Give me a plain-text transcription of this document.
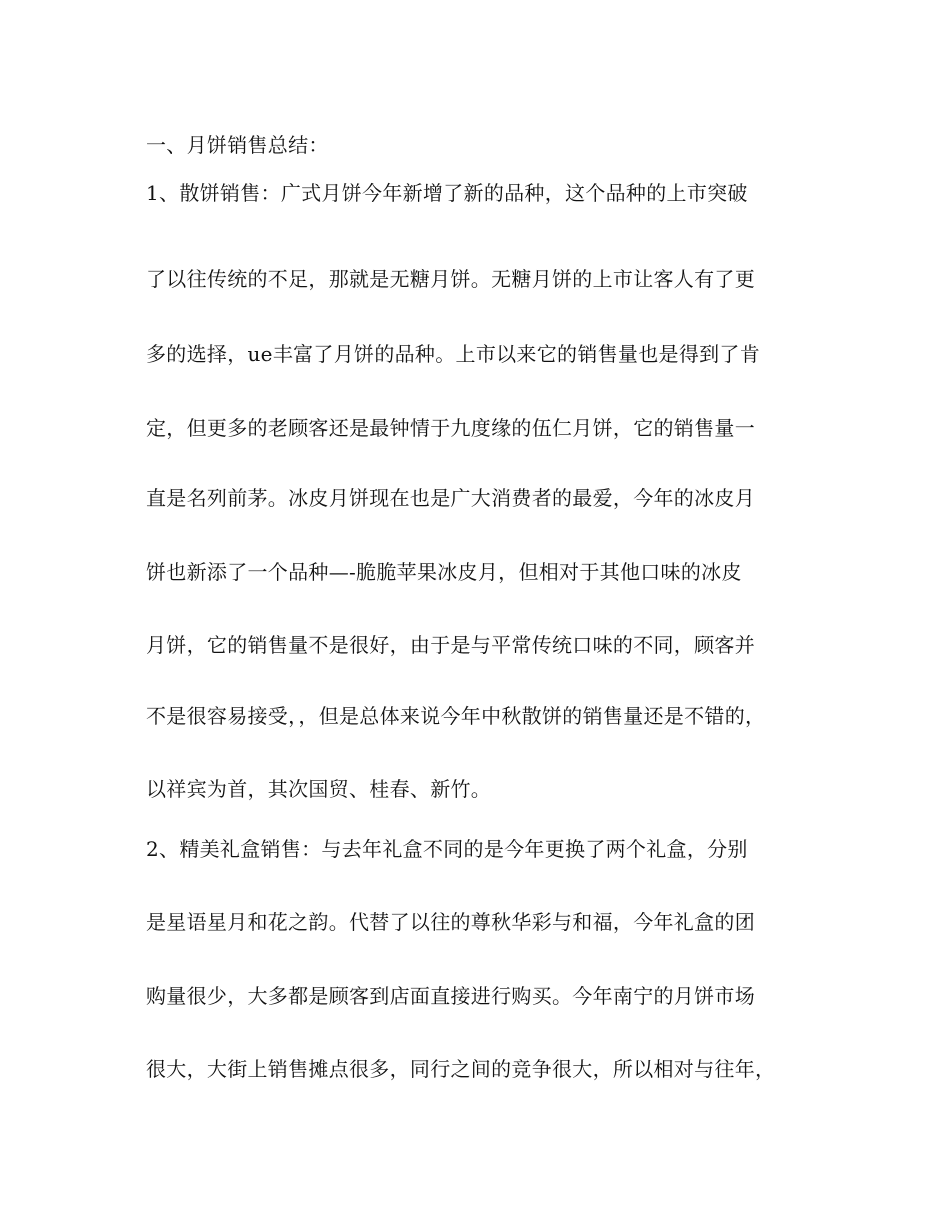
一、月饼销售总结：
1、散饼销售：广式月饼今年新增了新的品种，这个品种的上市突破
了以往传统的不足，那就是无糖月饼。无糖月饼的上市让客人有了更
多的选择，ue丰富了月饼的品种。上市以来它的销售量也是得到了肯
定，但更多的老顾客还是最钟情于九度缘的伍仁月饼，它的销售量一
直是名列前茅。冰皮月饼现在也是广大消费者的最爱，今年的冰皮月
饼也新添了一个品种—-脆脆苹果冰皮月，但相对于其他口味的冰皮
月饼，它的销售量不是很好，由于是与平常传统口味的不同，顾客并
不是很容易接受，，但是总体来说今年中秋散饼的销售量还是不错的，
以祥宾为首，其次国贸、桂春、新竹。
2、精美礼盒销售：与去年礼盒不同的是今年更换了两个礼盒，分别
是星语星月和花之韵。代替了以往的尊秋华彩与和福，今年礼盒的团
购量很少，大多都是顾客到店面直接进行购买。今年南宁的月饼市场
很大，大街上销售摊点很多，同行之间的竞争很大，所以相对与往年，
